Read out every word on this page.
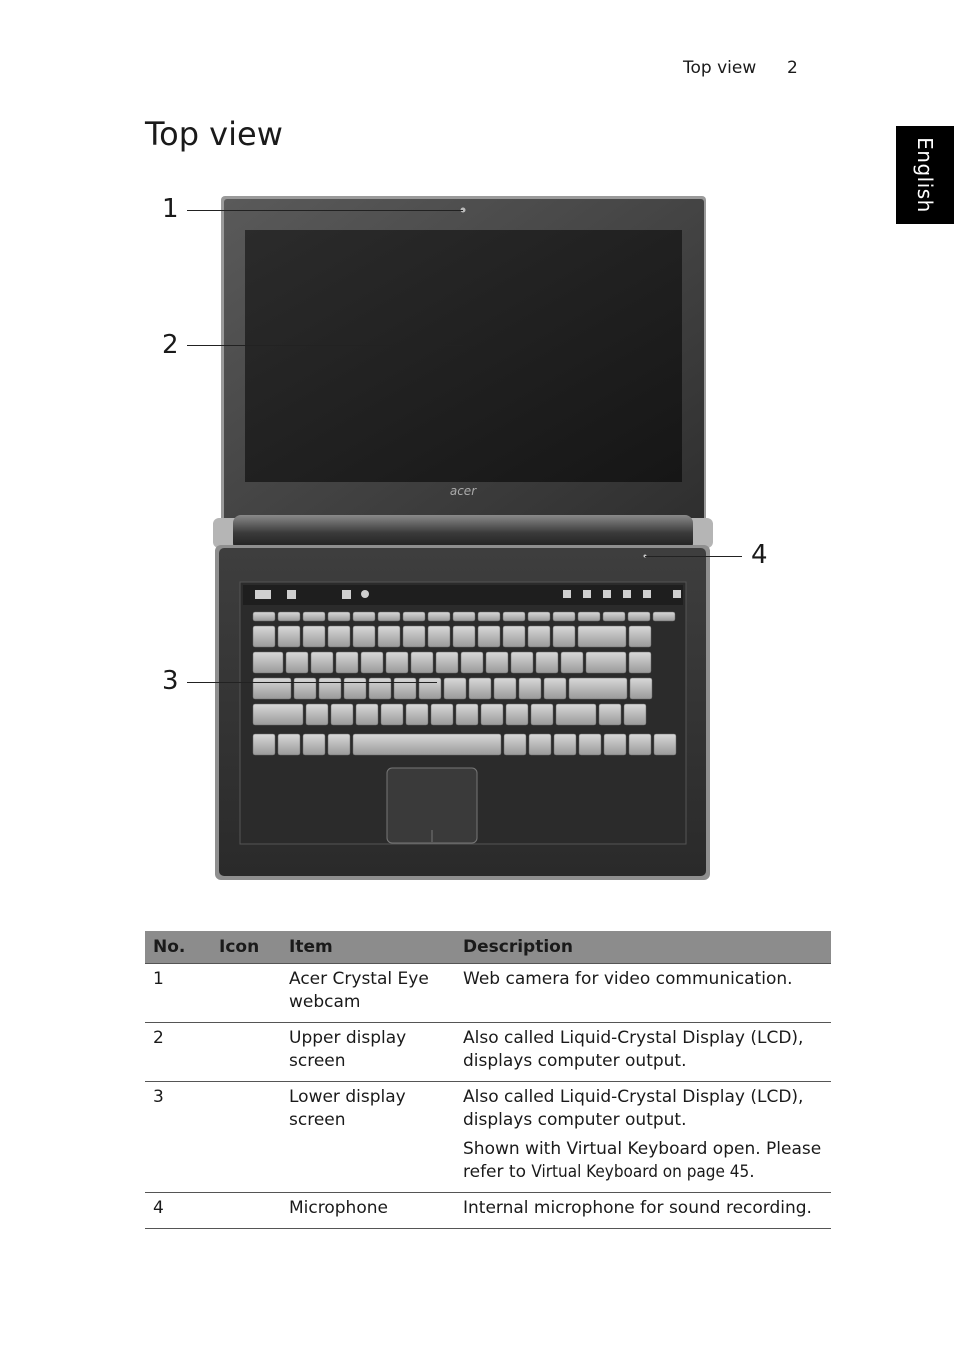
Top view 2
English
Top view
acer
1
2
3
4
No.	Icon	Item	Description
1		Acer Crystal Eye webcam	Web camera for video communication.

2		Upper display screen	Also called Liquid-Crystal Display (LCD), displays computer output.

3		Lower display screen	Also called Liquid-Crystal Display (LCD), displays computer output.

Shown with Virtual Keyboard open. Please refer to Virtual Keyboard on page 45.

4		Microphone	Internal microphone for sound recording.
